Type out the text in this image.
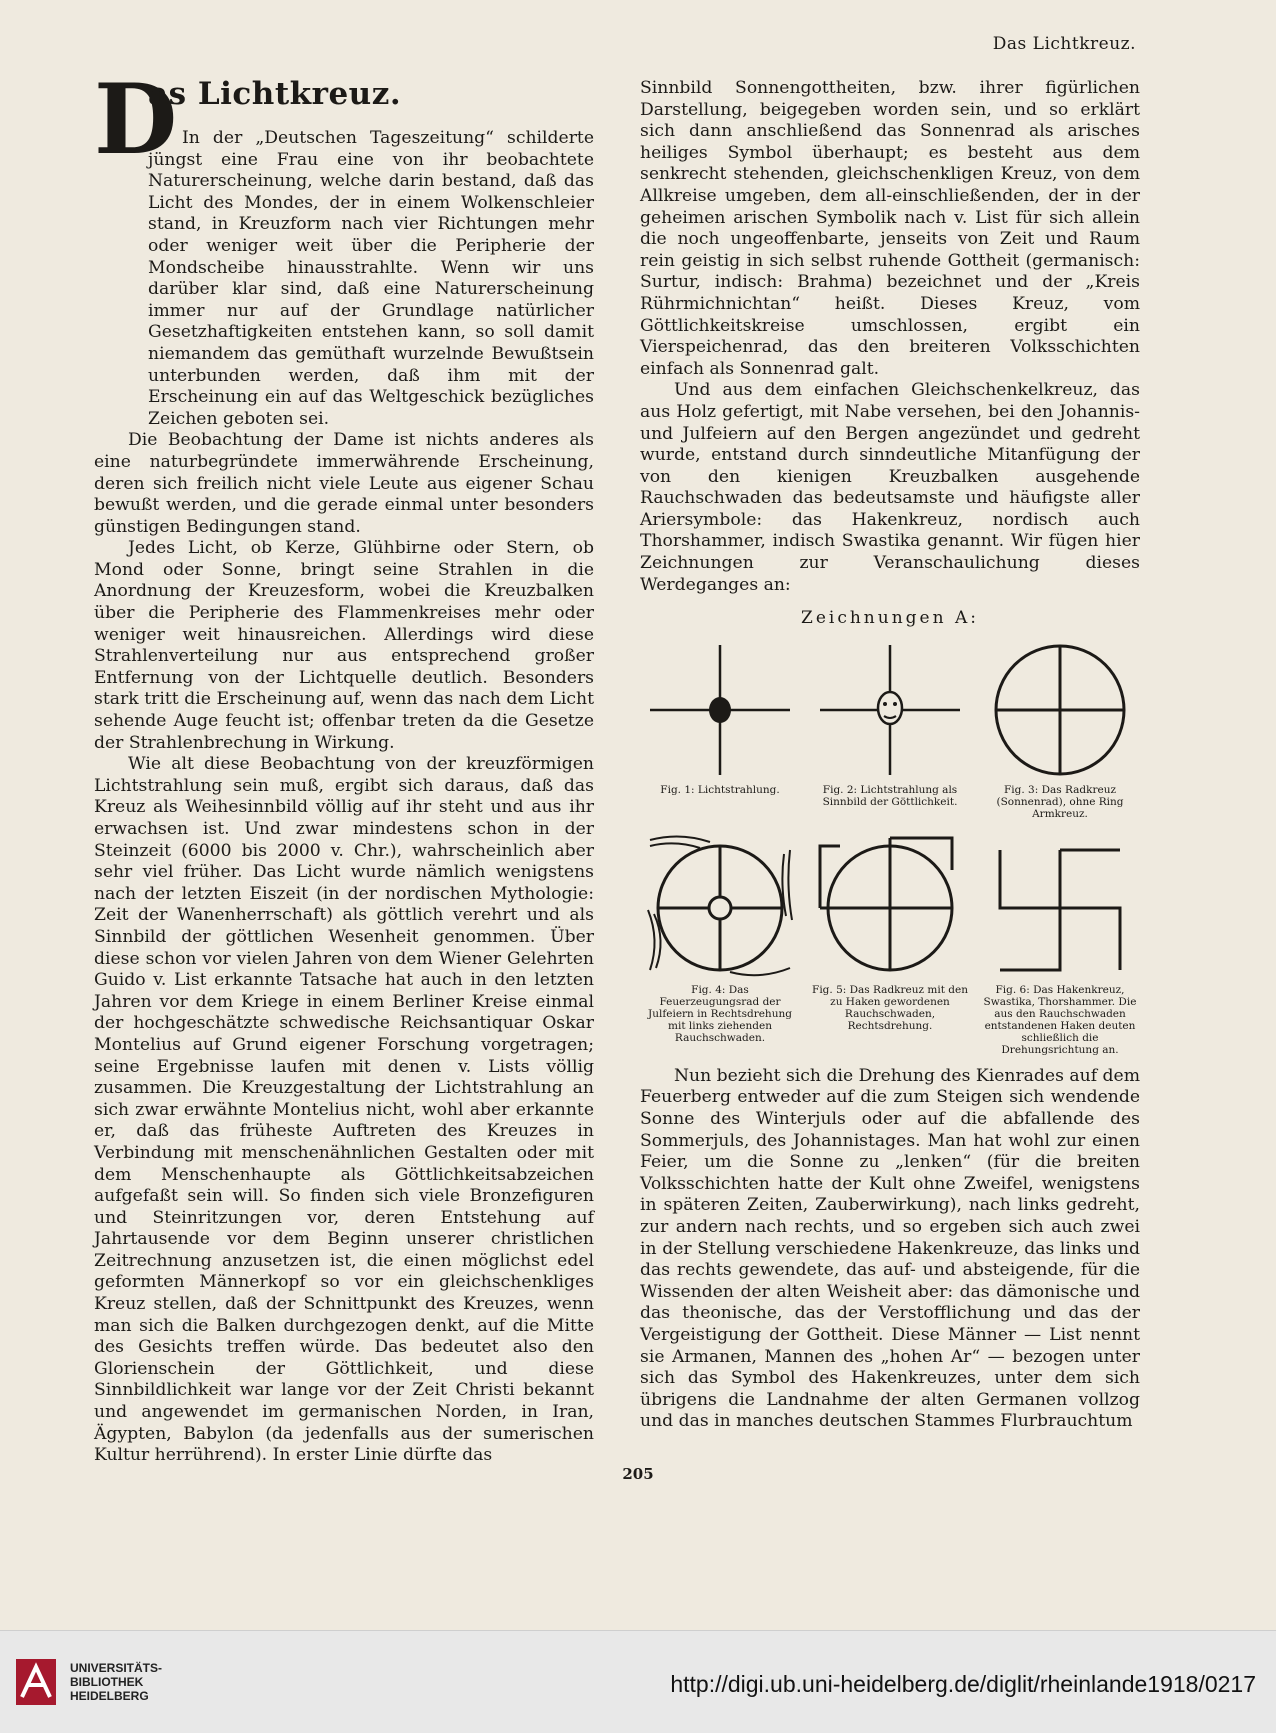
Das Lichtkreuz.
D
as Lichtkreuz.

In der „Deutschen Tageszeitung“ schilderte jüngst eine Frau eine von ihr beobachtete Naturerscheinung, welche darin bestand, daß das Licht des Mondes, der in einem Wolkenschleier stand, in Kreuzform nach vier Richtungen mehr oder weniger weit über die Peripherie der Mondscheibe hinausstrahlte. Wenn wir uns darüber klar sind, daß eine Naturerscheinung immer nur auf der Grundlage natürlicher Gesetzhaftigkeiten entstehen kann, so soll damit niemandem das gemüthaft wurzelnde Bewußtsein unterbunden werden, daß ihm mit der Erscheinung ein auf das Weltgeschick bezügliches Zeichen geboten sei.

Die Beobachtung der Dame ist nichts anderes als eine naturbegründete immerwährende Erscheinung, deren sich freilich nicht viele Leute aus eigener Schau bewußt werden, und die gerade einmal unter besonders günstigen Bedingungen stand.

Jedes Licht, ob Kerze, Glühbirne oder Stern, ob Mond oder Sonne, bringt seine Strahlen in die Anordnung der Kreuzesform, wobei die Kreuzbalken über die Peripherie des Flammenkreises mehr oder weniger weit hinausreichen. Allerdings wird diese Strahlenverteilung nur aus entsprechend großer Entfernung von der Lichtquelle deutlich. Besonders stark tritt die Erscheinung auf, wenn das nach dem Licht sehende Auge feucht ist; offenbar treten da die Gesetze der Strahlenbrechung in Wirkung.

Wie alt diese Beobachtung von der kreuzförmigen Lichtstrahlung sein muß, ergibt sich daraus, daß das Kreuz als Weihesinnbild völlig auf ihr steht und aus ihr erwachsen ist. Und zwar mindestens schon in der Steinzeit (6000 bis 2000 v. Chr.), wahrscheinlich aber sehr viel früher. Das Licht wurde nämlich wenigstens nach der letzten Eiszeit (in der nordischen Mythologie: Zeit der Wanenherrschaft) als göttlich verehrt und als Sinnbild der göttlichen Wesenheit genommen. Über diese schon vor vielen Jahren von dem Wiener Gelehrten Guido v. List erkannte Tatsache hat auch in den letzten Jahren vor dem Kriege in einem Berliner Kreise einmal der hochgeschätzte schwedische Reichsantiquar Oskar Montelius auf Grund eigener Forschung vorgetragen; seine Ergebnisse laufen mit denen v. Lists völlig zusammen. Die Kreuzgestaltung der Lichtstrahlung an sich zwar erwähnte Montelius nicht, wohl aber erkannte er, daß das früheste Auftreten des Kreuzes in Verbindung mit menschenähnlichen Gestalten oder mit dem Menschenhaupte als Göttlichkeitsabzeichen aufgefaßt sein will. So finden sich viele Bronzefiguren und Steinritzungen vor, deren Entstehung auf Jahrtausende vor dem Beginn unserer christlichen Zeitrechnung anzusetzen ist, die einen möglichst edel geformten Männerkopf so vor ein gleichschenkliges Kreuz stellen, daß der Schnittpunkt des Kreuzes, wenn man sich die Balken durchgezogen denkt, auf die Mitte des Gesichts treffen würde. Das bedeutet also den Glorienschein der Göttlichkeit, und diese Sinnbildlichkeit war lange vor der Zeit Christi bekannt und angewendet im germanischen Norden, in Iran, Ägypten, Babylon (da jedenfalls aus der sumerischen Kultur herrührend). In erster Linie dürfte das

Sinnbild Sonnengottheiten, bzw. ihrer figürlichen Darstellung, beigegeben worden sein, und so erklärt sich dann anschließend das Sonnenrad als arisches heiliges Symbol überhaupt; es besteht aus dem senkrecht stehenden, gleichschenkligen Kreuz, von dem Allkreise umgeben, dem all-einschließenden, der in der geheimen arischen Symbolik nach v. List für sich allein die noch ungeoffenbarte, jenseits von Zeit und Raum rein geistig in sich selbst ruhende Gottheit (germanisch: Surtur, indisch: Brahma) bezeichnet und der „Kreis Rührmichnichtan“ heißt. Dieses Kreuz, vom Göttlichkeitskreise umschlossen, ergibt ein Vierspeichenrad, das den breiteren Volksschichten einfach als Sonnenrad galt.

Und aus dem einfachen Gleichschenkelkreuz, das aus Holz gefertigt, mit Nabe versehen, bei den Johannis- und Julfeiern auf den Bergen angezündet und gedreht wurde, entstand durch sinndeutliche Mitanfügung der von den kienigen Kreuzbalken ausgehende Rauchschwaden das bedeutsamste und häufigste aller Ariersymbole: das Hakenkreuz, nordisch auch Thorshammer, indisch Swastika genannt. Wir fügen hier Zeichnungen zur Veranschaulichung dieses Werdeganges an:

Zeichnungen A:
Fig. 1: Lichtstrahlung.	Fig. 2: Lichtstrahlung als Sinnbild der Göttlichkeit.
Fig. 3: Das Radkreuz (Sonnenrad), ohne Ring Armkreuz.
Fig. 4: Das Feuerzeugungsrad der Julfeiern in Rechtsdrehung mit links ziehenden Rauchschwaden.
Fig. 5: Das Radkreuz mit den zu Haken gewordenen Rauchschwaden, Rechtsdrehung.
Fig. 6: Das Hakenkreuz, Swastika, Thorshammer. Die aus den Rauchschwaden entstandenen Haken deuten schließlich die Drehungsrichtung an.

Nun bezieht sich die Drehung des Kienrades auf dem Feuerberg entweder auf die zum Steigen sich wendende Sonne des Winterjuls oder auf die abfallende des Sommerjuls, des Johannistages. Man hat wohl zur einen Feier, um die Sonne zu „lenken“ (für die breiten Volksschichten hatte der Kult ohne Zweifel, wenigstens in späteren Zeiten, Zauberwirkung), nach links gedreht, zur andern nach rechts, und so ergeben sich auch zwei in der Stellung verschiedene Hakenkreuze, das links und das rechts gewendete, das auf- und absteigende, für die Wissenden der alten Weisheit aber: das dämonische und das theonische, das der Verstofflichung und das der Vergeistigung der Gottheit. Diese Männer — List nennt sie Armanen, Mannen des „hohen Ar“ — bezogen unter sich das Symbol des Hakenkreuzes, unter dem sich übrigens die Landnahme der alten Germanen vollzog und das in manches deutschen Stammes Flurbrauchtum

205
UNIVERSITÄTS-
BIBLIOTHEK
HEIDELBERG	http://digi.ub.uni-heidelberg.de/diglit/rheinlande1918/0217
